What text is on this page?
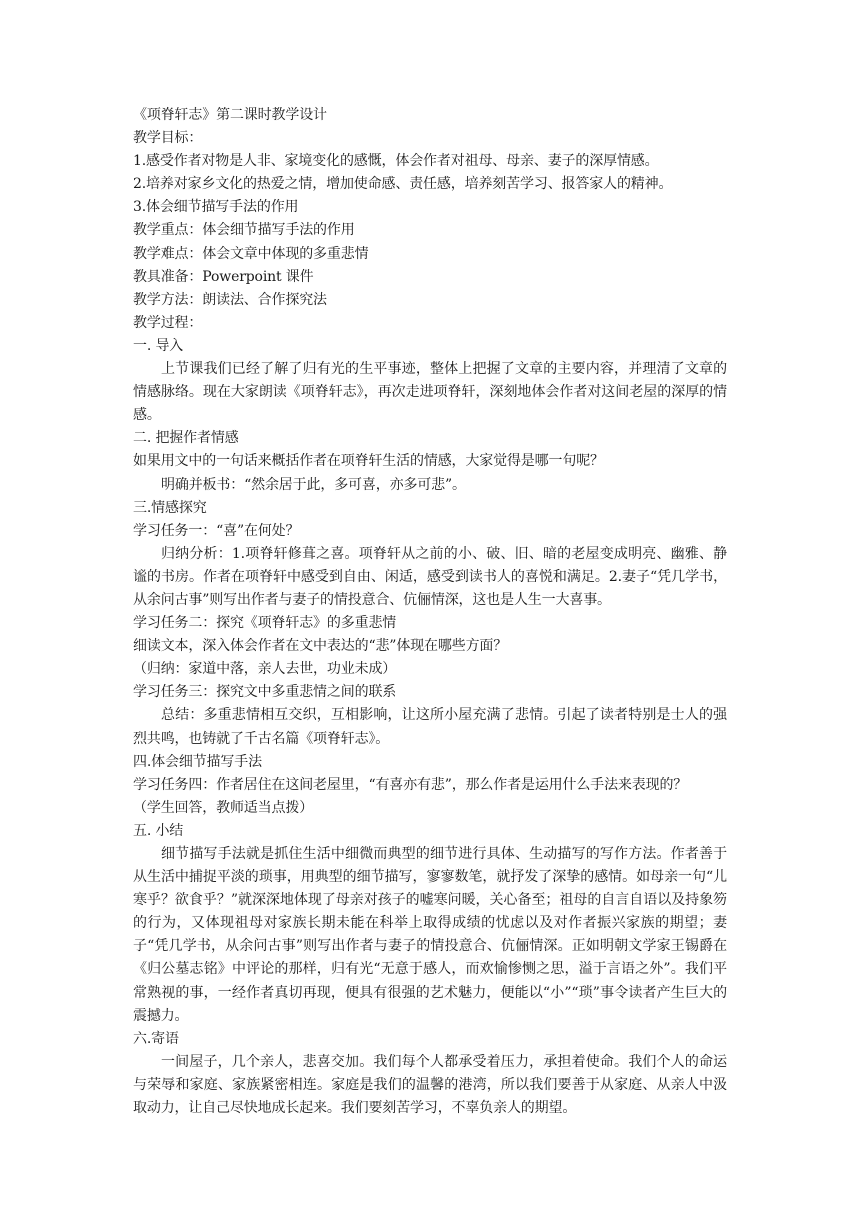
《项脊轩志》第二课时教学设计

教学目标：

1.感受作者对物是人非、家境变化的感慨，体会作者对祖母、母亲、妻子的深厚情感。

2.培养对家乡文化的热爱之情，增加使命感、责任感，培养刻苦学习、报答家人的精神。

3.体会细节描写手法的作用

教学重点：体会细节描写手法的作用

教学难点：体会文章中体现的多重悲情

教具准备：Powerpoint 课件

教学方法：朗读法、合作探究法

教学过程：

一. 导入

上节课我们已经了解了归有光的生平事迹，整体上把握了文章的主要内容，并理清了文章的情感脉络。现在大家朗读《项脊轩志》，再次走进项脊轩，深刻地体会作者对这间老屋的深厚的情感。

二. 把握作者情感

如果用文中的一句话来概括作者在项脊轩生活的情感，大家觉得是哪一句呢？

明确并板书：“然余居于此，多可喜，亦多可悲”。

三.情感探究

学习任务一：“喜”在何处？

归纳分析：1.项脊轩修葺之喜。项脊轩从之前的小、破、旧、暗的老屋变成明亮、幽雅、静谧的书房。作者在项脊轩中感受到自由、闲适，感受到读书人的喜悦和满足。2.妻子“凭几学书，从余问古事”则写出作者与妻子的情投意合、伉俪情深，这也是人生一大喜事。

学习任务二：探究《项脊轩志》的多重悲情

细读文本，深入体会作者在文中表达的“悲”体现在哪些方面？

（归纳：家道中落，亲人去世，功业未成）

学习任务三：探究文中多重悲情之间的联系

总结：多重悲情相互交织，互相影响，让这所小屋充满了悲情。引起了读者特别是士人的强烈共鸣，也铸就了千古名篇《项脊轩志》。

四.体会细节描写手法

学习任务四：作者居住在这间老屋里，“有喜亦有悲”，那么作者是运用什么手法来表现的？

（学生回答，教师适当点拨）

五. 小结

细节描写手法就是抓住生活中细微而典型的细节进行具体、生动描写的写作方法。作者善于从生活中捕捉平淡的琐事，用典型的细节描写，寥寥数笔，就抒发了深挚的感情。如母亲一句“儿寒乎？欲食乎？”就深深地体现了母亲对孩子的嘘寒问暖，关心备至；祖母的自言自语以及持象笏的行为，又体现祖母对家族长期未能在科举上取得成绩的忧虑以及对作者振兴家族的期望；妻子“凭几学书，从余问古事”则写出作者与妻子的情投意合、伉俪情深。正如明朝文学家王锡爵在《归公墓志铭》中评论的那样，归有光“无意于感人，而欢愉惨恻之思，溢于言语之外”。我们平常熟视的事，一经作者真切再现，便具有很强的艺术魅力，便能以“小”“琐”事令读者产生巨大的震撼力。

六.寄语

一间屋子，几个亲人，悲喜交加。我们每个人都承受着压力，承担着使命。我们个人的命运与荣辱和家庭、家族紧密相连。家庭是我们的温馨的港湾，所以我们要善于从家庭、从亲人中汲取动力，让自己尽快地成长起来。我们要刻苦学习，不辜负亲人的期望。
